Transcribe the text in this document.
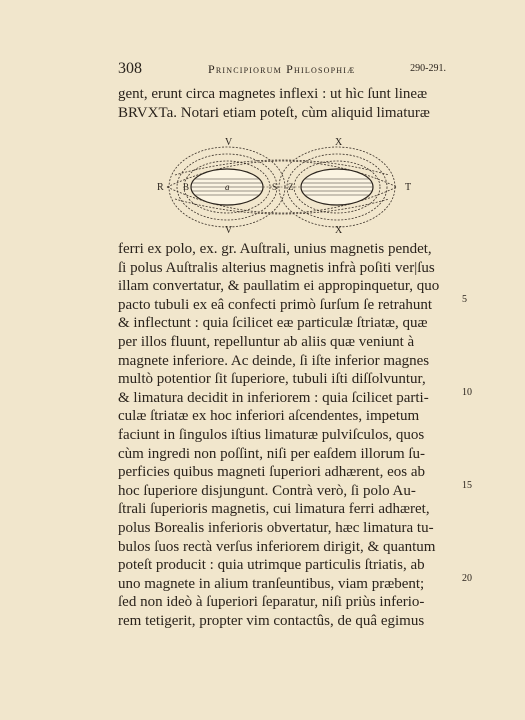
308	Principiorum Philosophiæ	290-291.
gent, erunt circa magnetes inflexi : ut hìc ſunt lineæ
BRVXTa. Notari etiam poteſt, cùm aliquid limaturæ
V	X
V	X
R	T
B	a	S Z
ferri ex polo, ex. gr. Auſtrali, unius magnetis pendet,
ſi polus Auſtralis alterius magnetis infrà poſiti ver|ſus
illam convertatur, & paullatim ei appropinquetur, quo
pacto tubuli ex eâ confecti primò ſurſum ſe retrahunt
& inflectunt : quia ſcilicet eæ particulæ ſtriatæ, quæ
per illos fluunt, repelluntur ab aliis quæ veniunt à
magnete inferiore. Ac deinde, ſi iſte inferior magnes
multò potentior ſit ſuperiore, tubuli iſti diſſolvuntur,
& limatura decidit in inferiorem : quia ſcilicet parti-
culæ ſtriatæ ex hoc inferiori aſcendentes, impetum
faciunt in ſingulos iſtius limaturæ pulviſculos, quos
cùm ingredi non poſſint, niſi per eaſdem illorum ſu-
perficies quibus magneti ſuperiori adhærent, eos ab
hoc ſuperiore disjungunt. Contrà verò, ſi polo Au-
ſtrali ſuperioris magnetis, cui limatura ferri adhæret,
polus Borealis inferioris obvertatur, hæc limatura tu-
bulos ſuos rectà verſus inferiorem dirigit, & quantum
poteſt producit : quia utrimque particulis ſtriatis, ab
uno magnete in alium tranſeuntibus, viam præbent;
ſed non ideò à ſuperiori ſeparatur, niſi priùs inferio-
rem tetigerit, propter vim contactûs, de quâ egimus
5
10
15
20
